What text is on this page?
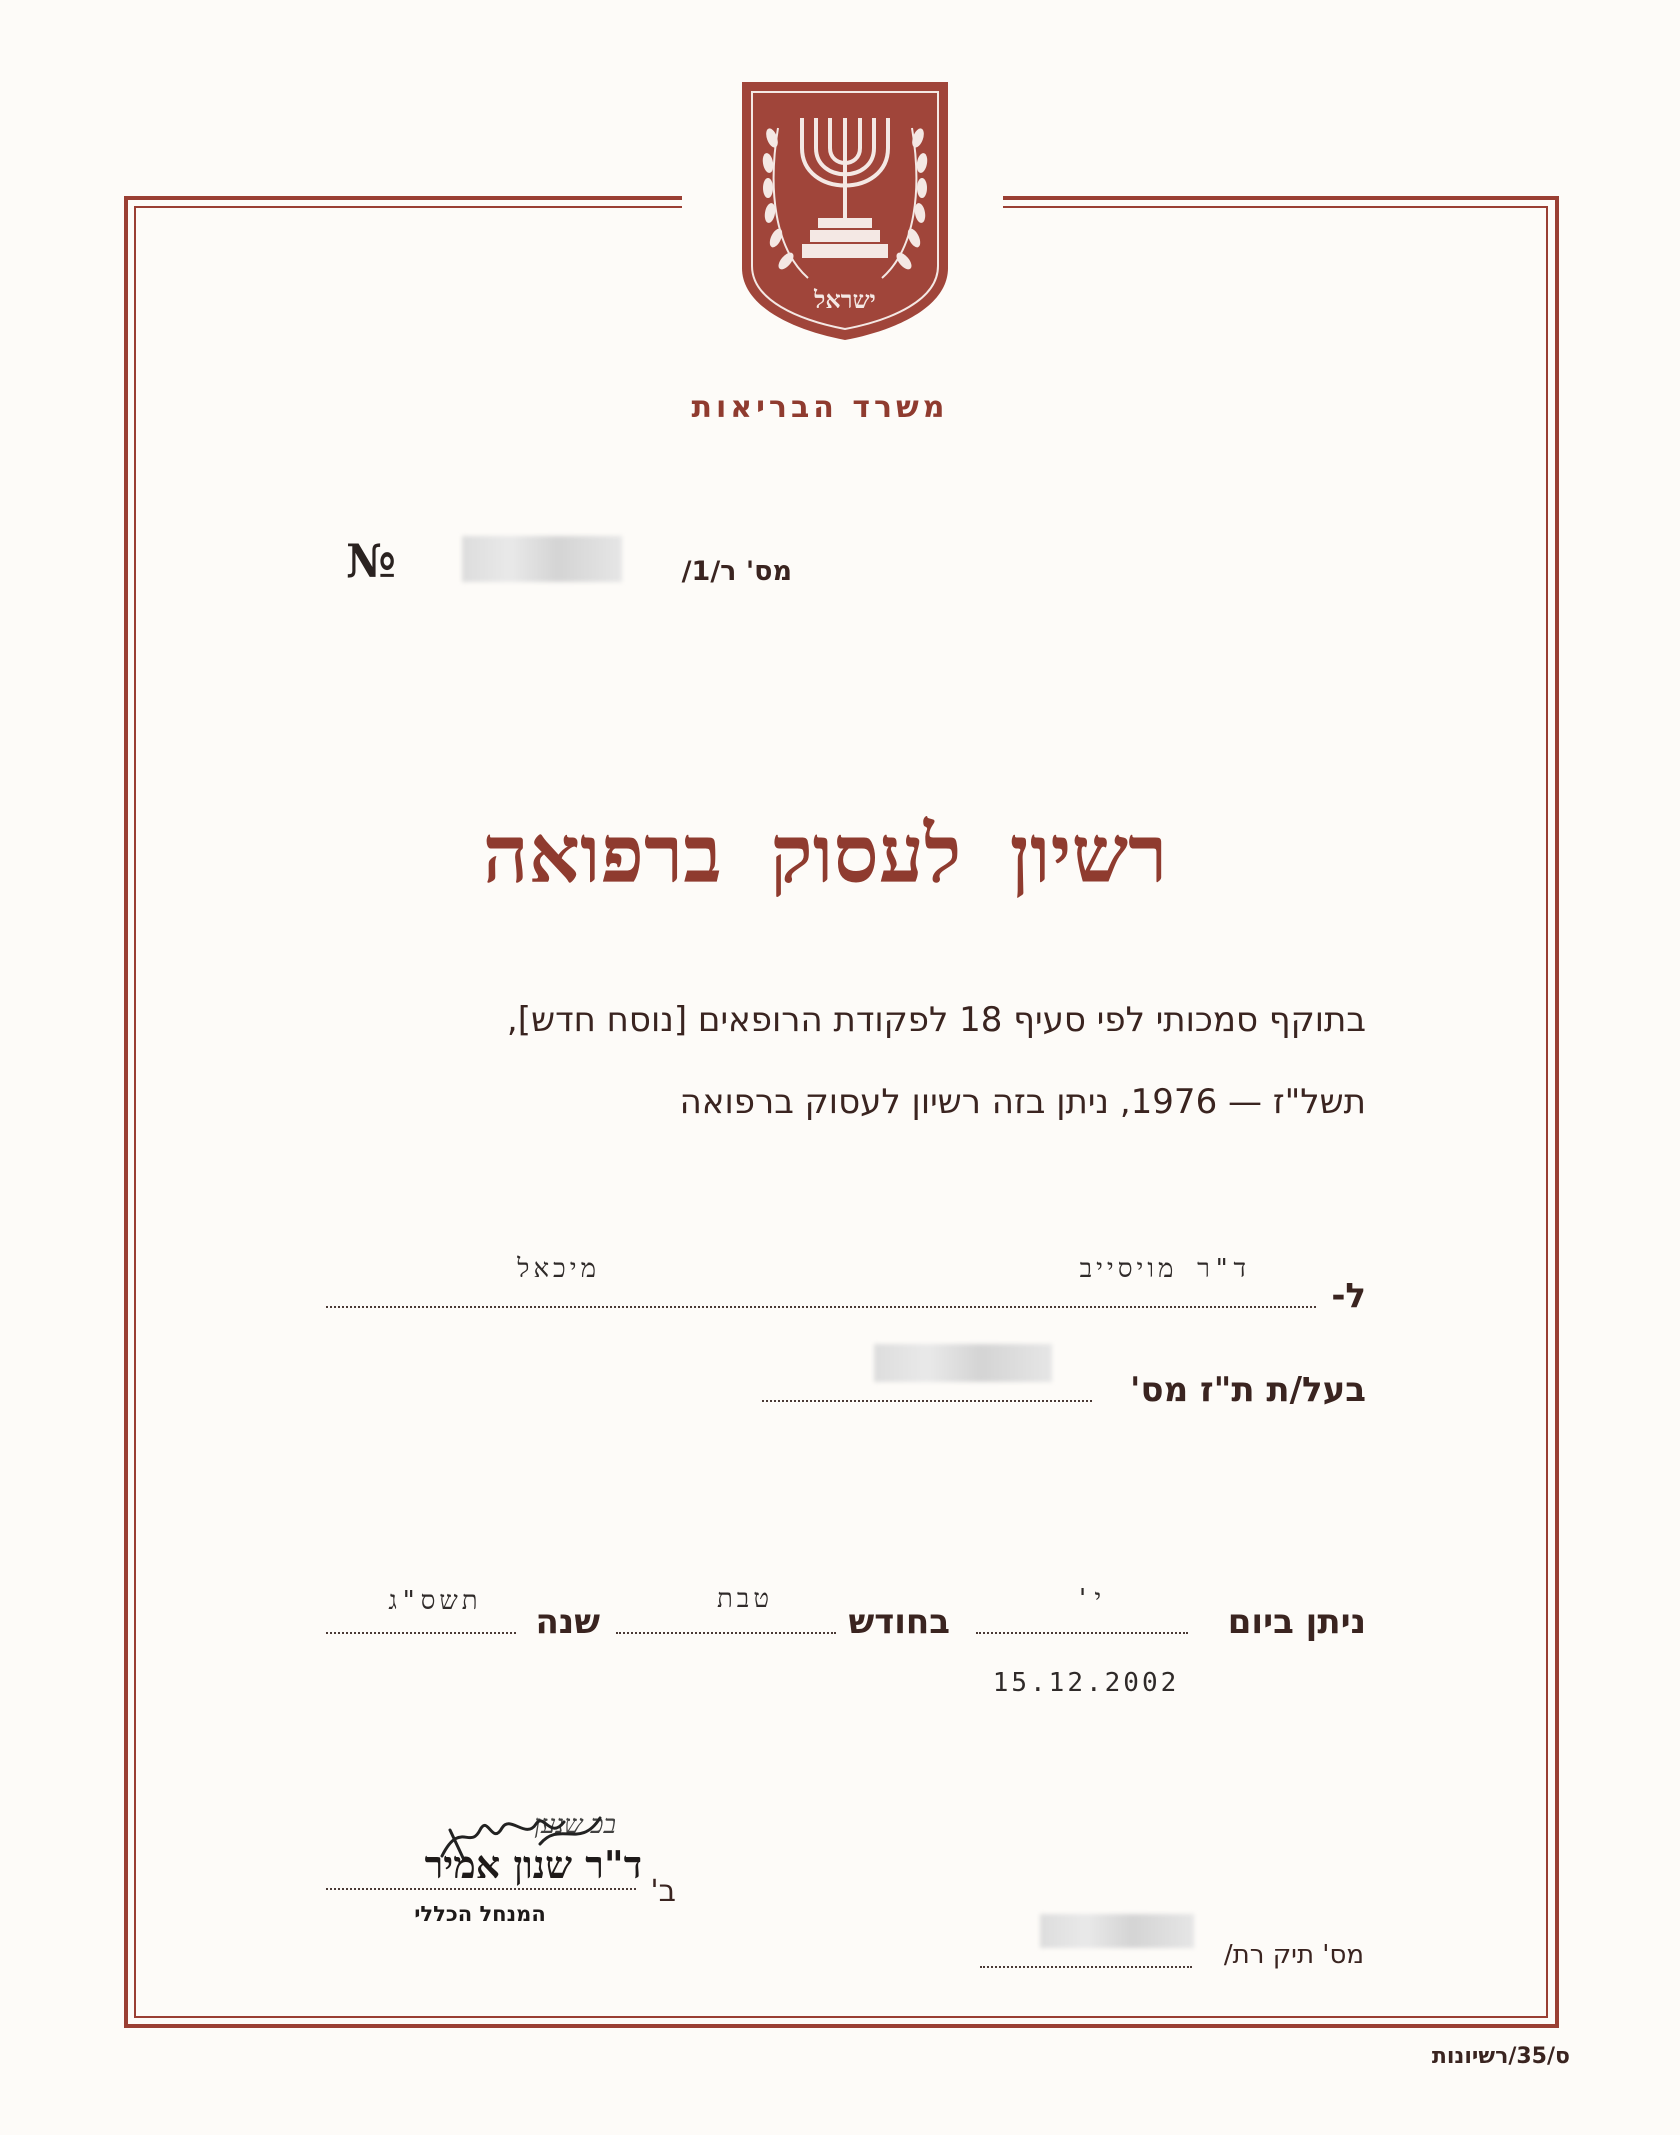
ישראל
משרד הבריאות
№	מס' ר/1/
רשיון לעסוק ברפואה
בתוקף סמכותי לפי סעיף 18 לפקודת הרופאים [נוסח חדש],
תשל"ז — 1976, ניתן בזה רשיון לעסוק ברפואה
ל-
ד"ר מויסייב
מיכאל
בעל/ת ת"ז מס'
ניתן ביום
י'
בחודש
טבת
שנה
תשס"ג
15.12.2002
בכ שנען
ד"ר שנון אמיר
ב'
המנחל הכללי
מס' תיק רת/
ס/35/רשיונות
